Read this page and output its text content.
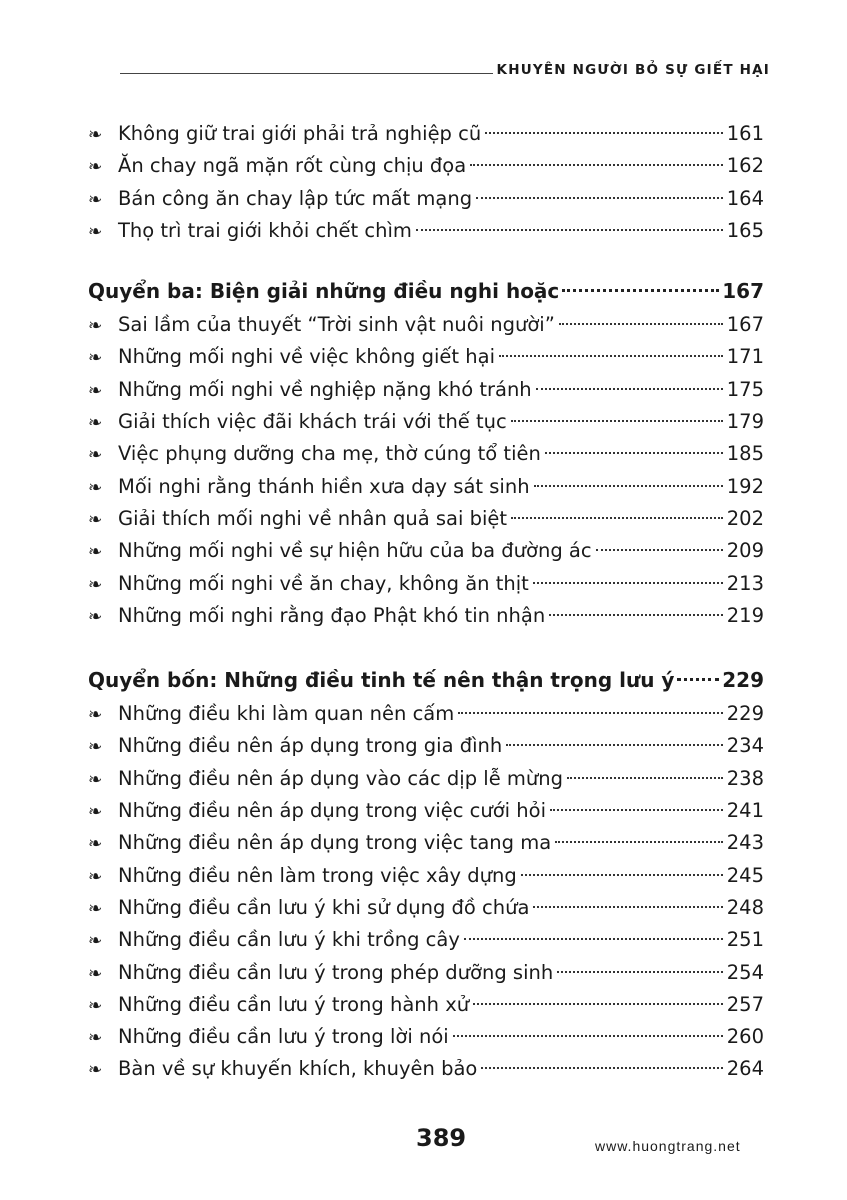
KHUYÊN NGƯỜI BỎ SỰ GIẾT HẠI
❧ Không giữ trai giới phải trả nghiệp cũ	161
❧ Ăn chay ngã mặn rốt cùng chịu đọa	162
❧ Bán công ăn chay lập tức mất mạng	164
❧ Thọ trì trai giới khỏi chết chìm	165
Quyển ba: Biện giải những điều nghi hoặc	167
❧ Sai lầm của thuyết “Trời sinh vật nuôi người”	167
❧ Những mối nghi về việc không giết hại	171
❧ Những mối nghi về nghiệp nặng khó tránh	175
❧ Giải thích việc đãi khách trái với thế tục	179
❧ Việc phụng dưỡng cha mẹ, thờ cúng tổ tiên	185
❧ Mối nghi rằng thánh hiền xưa dạy sát sinh	192
❧ Giải thích mối nghi về nhân quả sai biệt	202
❧ Những mối nghi về sự hiện hữu của ba đường ác	209
❧ Những mối nghi về ăn chay, không ăn thịt	213
❧ Những mối nghi rằng đạo Phật khó tin nhận	219
Quyển bốn: Những điều tinh tế nên thận trọng lưu ý 229
❧ Những điều khi làm quan nên cấm	229
❧ Những điều nên áp dụng trong gia đình	234
❧ Những điều nên áp dụng vào các dịp lễ mừng	238
❧ Những điều nên áp dụng trong việc cưới hỏi	241
❧ Những điều nên áp dụng trong việc tang ma	243
❧ Những điều nên làm trong việc xây dựng	245
❧ Những điều cần lưu ý khi sử dụng đồ chứa	248
❧ Những điều cần lưu ý khi trồng cây	251
❧ Những điều cần lưu ý trong phép dưỡng sinh	254
❧ Những điều cần lưu ý trong hành xử	257
❧ Những điều cần lưu ý trong lời nói	260
❧ Bàn về sự khuyến khích, khuyên bảo	264
389	www.huongtrang.net
